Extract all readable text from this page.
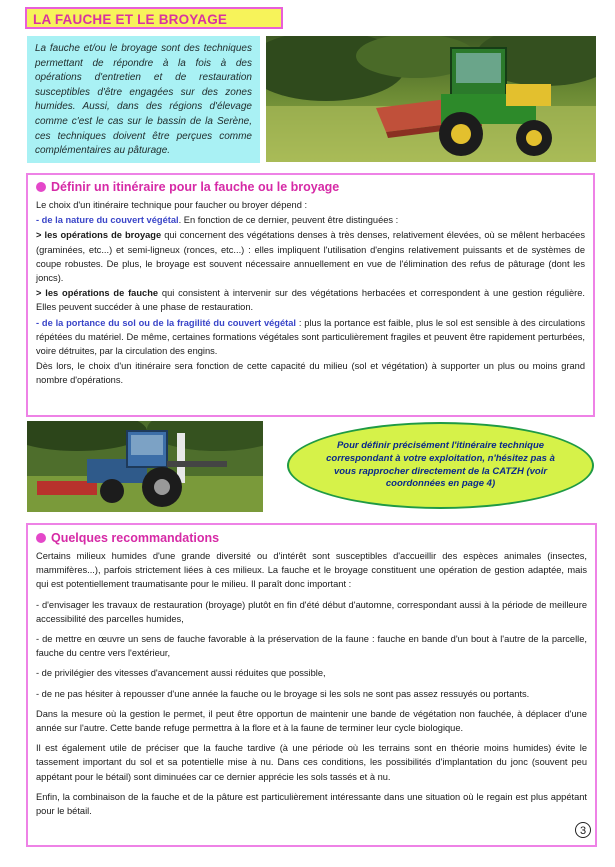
LA FAUCHE ET LE BROYAGE

La fauche et/ou le broyage sont des techniques permettant de répondre à la fois à des opérations d'entretien et de restauration susceptibles d'être engagées sur des zones humides. Aussi, dans des régions d'élevage comme c'est le cas sur le bassin de la Serène, ces techniques doivent être perçues comme complémentaires au pâturage.

Définir un itinéraire pour la fauche ou le broyage

Le choix d'un itinéraire technique pour faucher ou broyer dépend :

- de la nature du couvert végétal. En fonction de ce dernier, peuvent être distinguées :

> les opérations de broyage qui concernent des végétations denses à très denses, relativement élevées, où se mêlent herbacées (graminées, etc...) et semi-ligneux (ronces, etc...) : elles impliquent l'utilisation d'engins relativement puissants et de systèmes de coupe robustes. De plus, le broyage est souvent nécessaire annuellement en vue de l'élimination des refus de pâturage (dont les joncs).

> les opérations de fauche qui consistent à intervenir sur des végétations herbacées et correspondent à une gestion régulière. Elles peuvent succéder à une phase de restauration.

- de la portance du sol ou de la fragilité du couvert végétal : plus la portance est faible, plus le sol est sensible à des circulations répétées du matériel. De même, certaines formations végétales sont particulièrement fragiles et peuvent être rapidement perturbées, voire détruites, par la circulation des engins.

Dès lors, le choix d'un itinéraire sera fonction de cette capacité du milieu (sol et végétation) à supporter un plus ou moins grand nombre d'opérations.

Pour définir précisément l'itinéraire technique correspondant à votre exploitation, n'hésitez pas à vous rapprocher directement de la CATZH (voir coordonnées en page 4)
Quelques recommandations

Certains milieux humides d'une grande diversité ou d'intérêt sont susceptibles d'accueillir des espèces animales (insectes, mammifères...), parfois strictement liées à ces milieux. La fauche et le broyage constituent une opération de gestion adaptée, mais qui est potentiellement traumatisante pour le milieu. Il paraît donc important :

- d'envisager les travaux de restauration (broyage) plutôt en fin d'été début d'automne, correspondant aussi à la période de meilleure accessibilité des parcelles humides,

- de mettre en œuvre un sens de fauche favorable à la préservation de la faune : fauche en bande d'un bout à l'autre de la parcelle, fauche du centre vers l'extérieur,

- de privilégier des vitesses d'avancement aussi réduites que possible,

- de ne pas hésiter à repousser d'une année la fauche ou le broyage si les sols ne sont pas assez ressuyés ou portants.

Dans la mesure où la gestion le permet, il peut être opportun de maintenir une bande de végétation non fauchée, à déplacer d'une année sur l'autre. Cette bande refuge permettra à la flore et à la faune de terminer leur cycle biologique.

Il est également utile de préciser que la fauche tardive (à une période où les terrains sont en théorie moins humides) évite le tassement important du sol et sa potentielle mise à nu. Dans ces conditions, les possibilités d'implantation du jonc (souvent peu appétant pour le bétail) sont diminuées car ce dernier apprécie les sols tassés et à nu.

Enfin, la combinaison de la fauche et de la pâture est particulièrement intéressante dans une situation où le regain est plus appétant pour le bétail.

3
